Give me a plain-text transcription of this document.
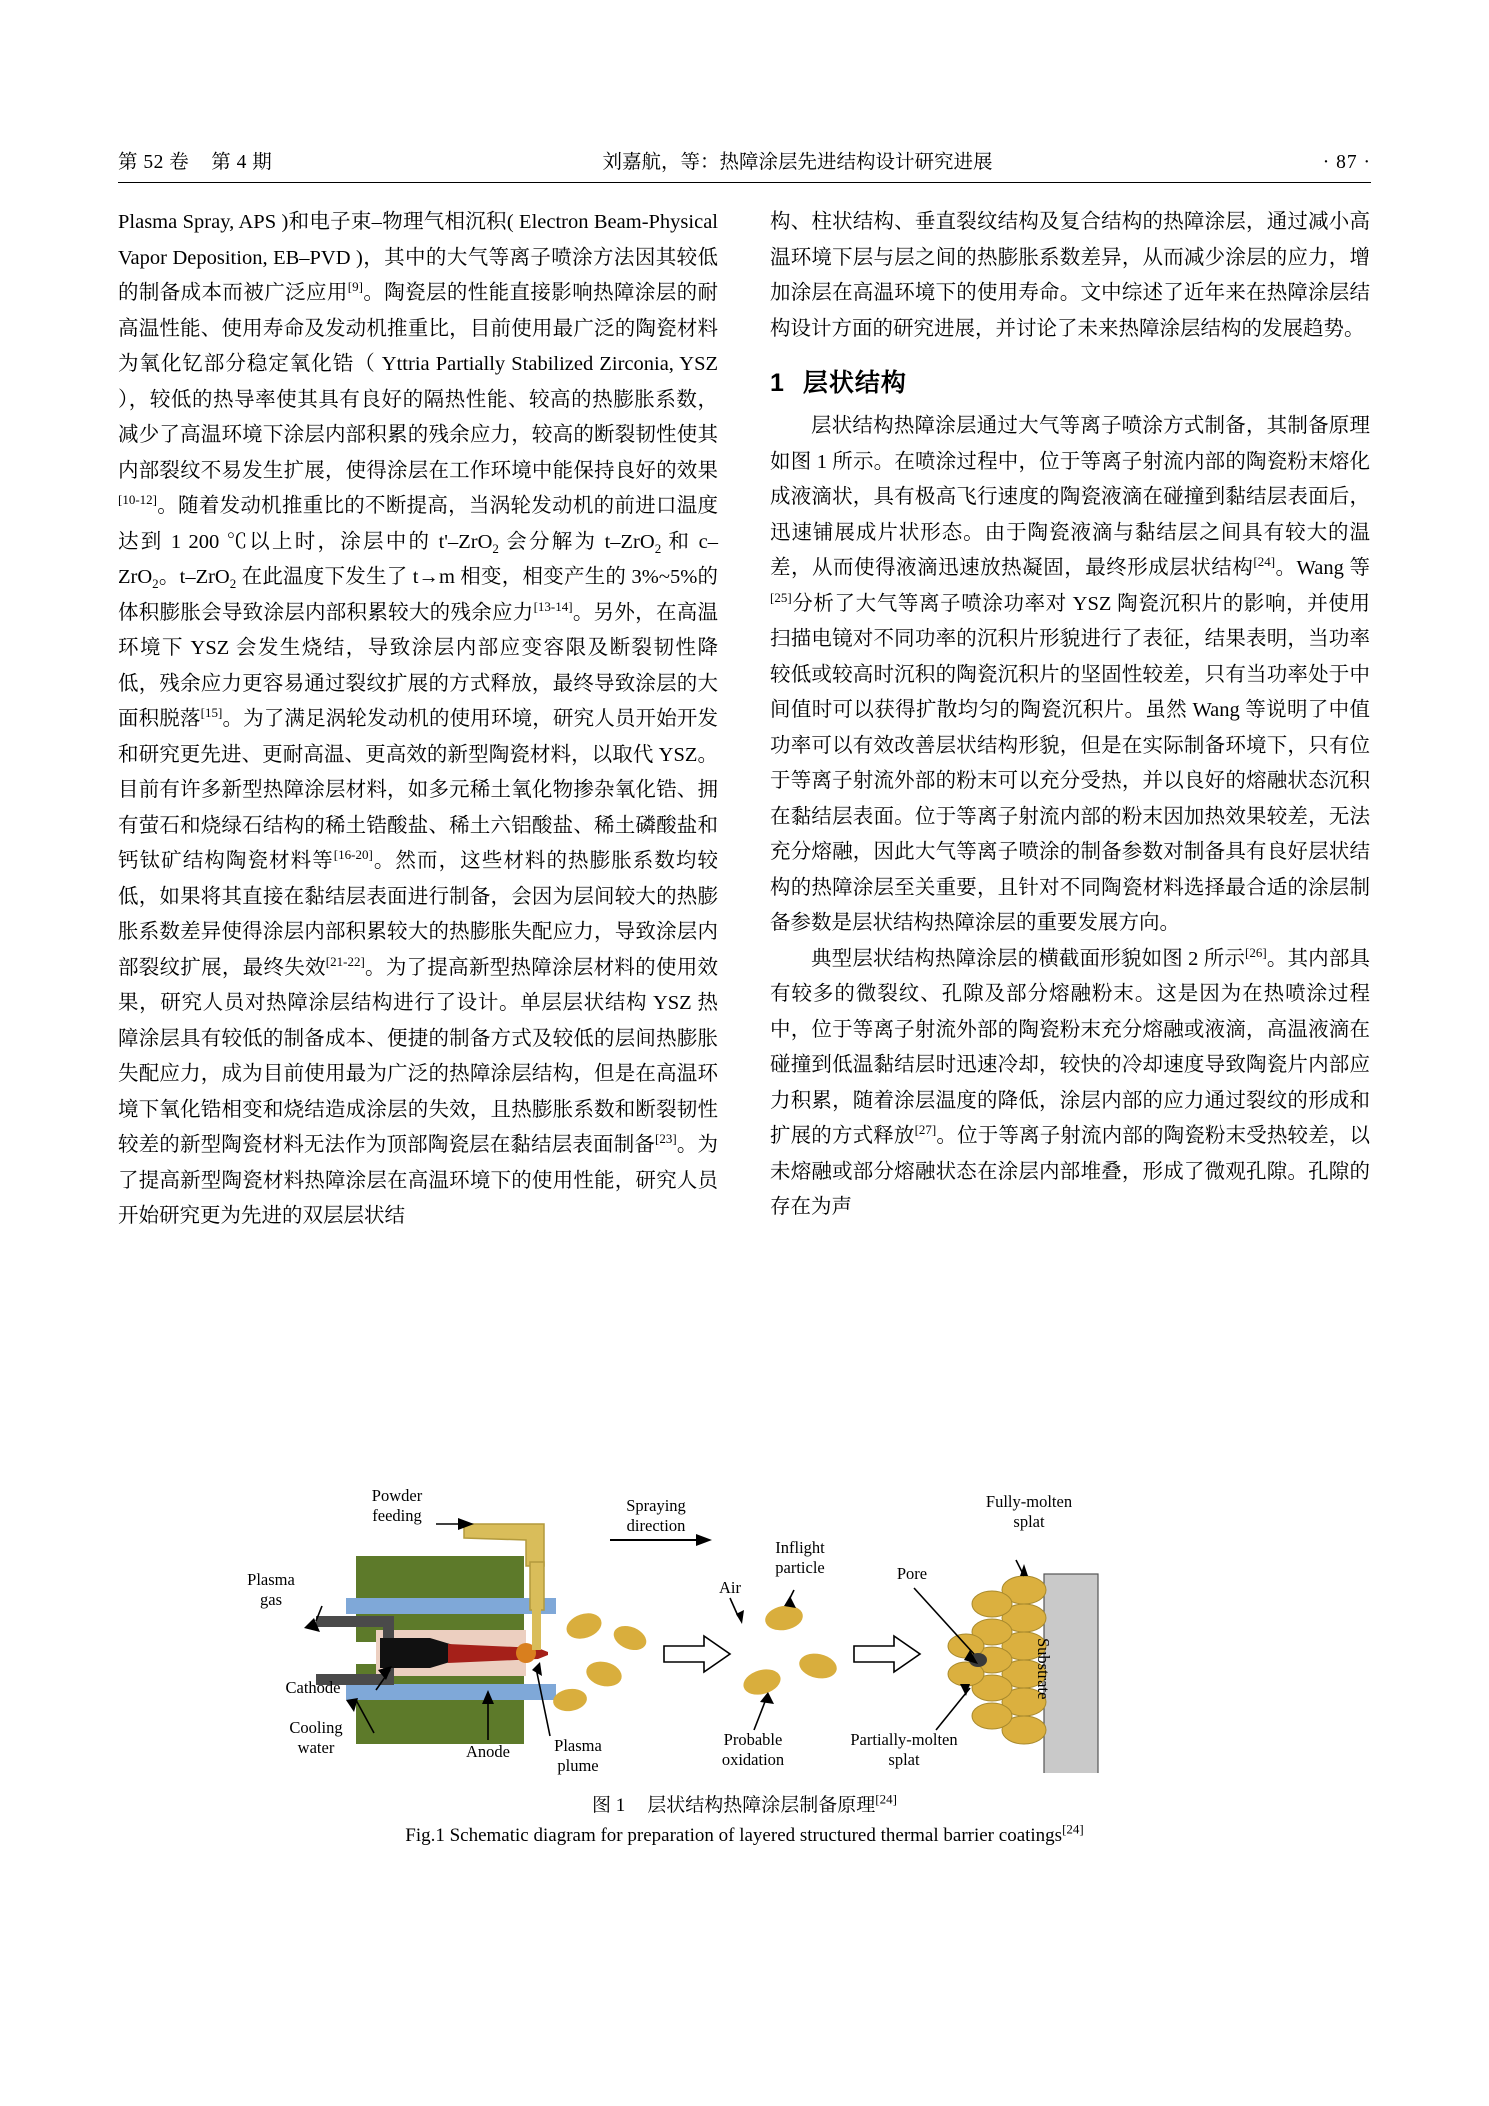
第 52 卷 第 4 期	刘嘉航，等：热障涂层先进结构设计研究进展	· 87 ·

Plasma Spray, APS )和电子束–物理气相沉积( Electron Beam-Physical Vapor Deposition, EB–PVD )，其中的大气等离子喷涂方法因其较低的制备成本而被广泛应用[9]。陶瓷层的性能直接影响热障涂层的耐高温性能、使用寿命及发动机推重比，目前使用最广泛的陶瓷材料为氧化钇部分稳定氧化锆（ Yttria Partially Stabilized Zirconia, YSZ ），较低的热导率使其具有良好的隔热性能、较高的热膨胀系数，减少了高温环境下涂层内部积累的残余应力，较高的断裂韧性使其内部裂纹不易发生扩展，使得涂层在工作环境中能保持良好的效果[10-12]。随着发动机推重比的不断提高，当涡轮发动机的前进口温度达到 1 200 ℃以上时，涂层中的 t'–ZrO$_2$ 会分解为 t–ZrO$_2$ 和 c–ZrO$_2$。t–ZrO$_2$ 在此温度下发生了 t→m 相变，相变产生的 3%~5%的体积膨胀会导致涂层内部积累较大的残余应力[13-14]。另外，在高温环境下 YSZ 会发生烧结，导致涂层内部应变容限及断裂韧性降低，残余应力更容易通过裂纹扩展的方式释放，最终导致涂层的大面积脱落[15]。为了满足涡轮发动机的使用环境，研究人员开始开发和研究更先进、更耐高温、更高效的新型陶瓷材料，以取代 YSZ。目前有许多新型热障涂层材料，如多元稀土氧化物掺杂氧化锆、拥有萤石和烧绿石结构的稀土锆酸盐、稀土六铝酸盐、稀土磷酸盐和钙钛矿结构陶瓷材料等[16-20]。然而，这些材料的热膨胀系数均较低，如果将其直接在黏结层表面进行制备，会因为层间较大的热膨胀系数差异使得涂层内部积累较大的热膨胀失配应力，导致涂层内部裂纹扩展，最终失效[21-22]。为了提高新型热障涂层材料的使用效果，研究人员对热障涂层结构进行了设计。单层层状结构 YSZ 热障涂层具有较低的制备成本、便捷的制备方式及较低的层间热膨胀失配应力，成为目前使用最为广泛的热障涂层结构，但是在高温环境下氧化锆相变和烧结造成涂层的失效，且热膨胀系数和断裂韧性较差的新型陶瓷材料无法作为顶部陶瓷层在黏结层表面制备[23]。为了提高新型陶瓷材料热障涂层在高温环境下的使用性能，研究人员开始研究更为先进的双层层状结

构、柱状结构、垂直裂纹结构及复合结构的热障涂层，通过减小高温环境下层与层之间的热膨胀系数差异，从而减少涂层的应力，增加涂层在高温环境下的使用寿命。文中综述了近年来在热障涂层结构设计方面的研究进展，并讨论了未来热障涂层结构的发展趋势。

1 层状结构

层状结构热障涂层通过大气等离子喷涂方式制备，其制备原理如图 1 所示。在喷涂过程中，位于等离子射流内部的陶瓷粉末熔化成液滴状，具有极高飞行速度的陶瓷液滴在碰撞到黏结层表面后，迅速铺展成片状形态。由于陶瓷液滴与黏结层之间具有较大的温差，从而使得液滴迅速放热凝固，最终形成层状结构[24]。Wang 等[25]分析了大气等离子喷涂功率对 YSZ 陶瓷沉积片的影响，并使用扫描电镜对不同功率的沉积片形貌进行了表征，结果表明，当功率较低或较高时沉积的陶瓷沉积片的坚固性较差，只有当功率处于中间值时可以获得扩散均匀的陶瓷沉积片。虽然 Wang 等说明了中值功率可以有效改善层状结构形貌，但是在实际制备环境下，只有位于等离子射流外部的粉末可以充分受热，并以良好的熔融状态沉积在黏结层表面。位于等离子射流内部的粉末因加热效果较差，无法充分熔融，因此大气等离子喷涂的制备参数对制备具有良好层状结构的热障涂层至关重要，且针对不同陶瓷材料选择最合适的涂层制备参数是层状结构热障涂层的重要发展方向。

典型层状结构热障涂层的横截面形貌如图 2 所示[26]。其内部具有较多的微裂纹、孔隙及部分熔融粉末。这是因为在热喷涂过程中，位于等离子射流外部的陶瓷粉末充分熔融或液滴，高温液滴在碰撞到低温黏结层时迅速冷却，较快的冷却速度导致陶瓷片内部应力积累，随着涂层温度的降低，涂层内部的应力通过裂纹的形成和扩展的方式释放[27]。位于等离子射流内部的陶瓷粉末受热较差，以未熔融或部分熔融状态在涂层内部堆叠，形成了微观孔隙。孔隙的存在为声

Powder
feeding
Plasma
gas
Cathode
Cooling
water	Anode	Plasma
plume
Spraying
direction
Air
Inflight
particle
Probable
oxidation
Pore
Fully-molten
splat
Partially-molten
splat
图 1 层状结构热障涂层制备原理[24]
Fig.1 Schematic diagram for preparation of layered structured thermal barrier coatings[24]
